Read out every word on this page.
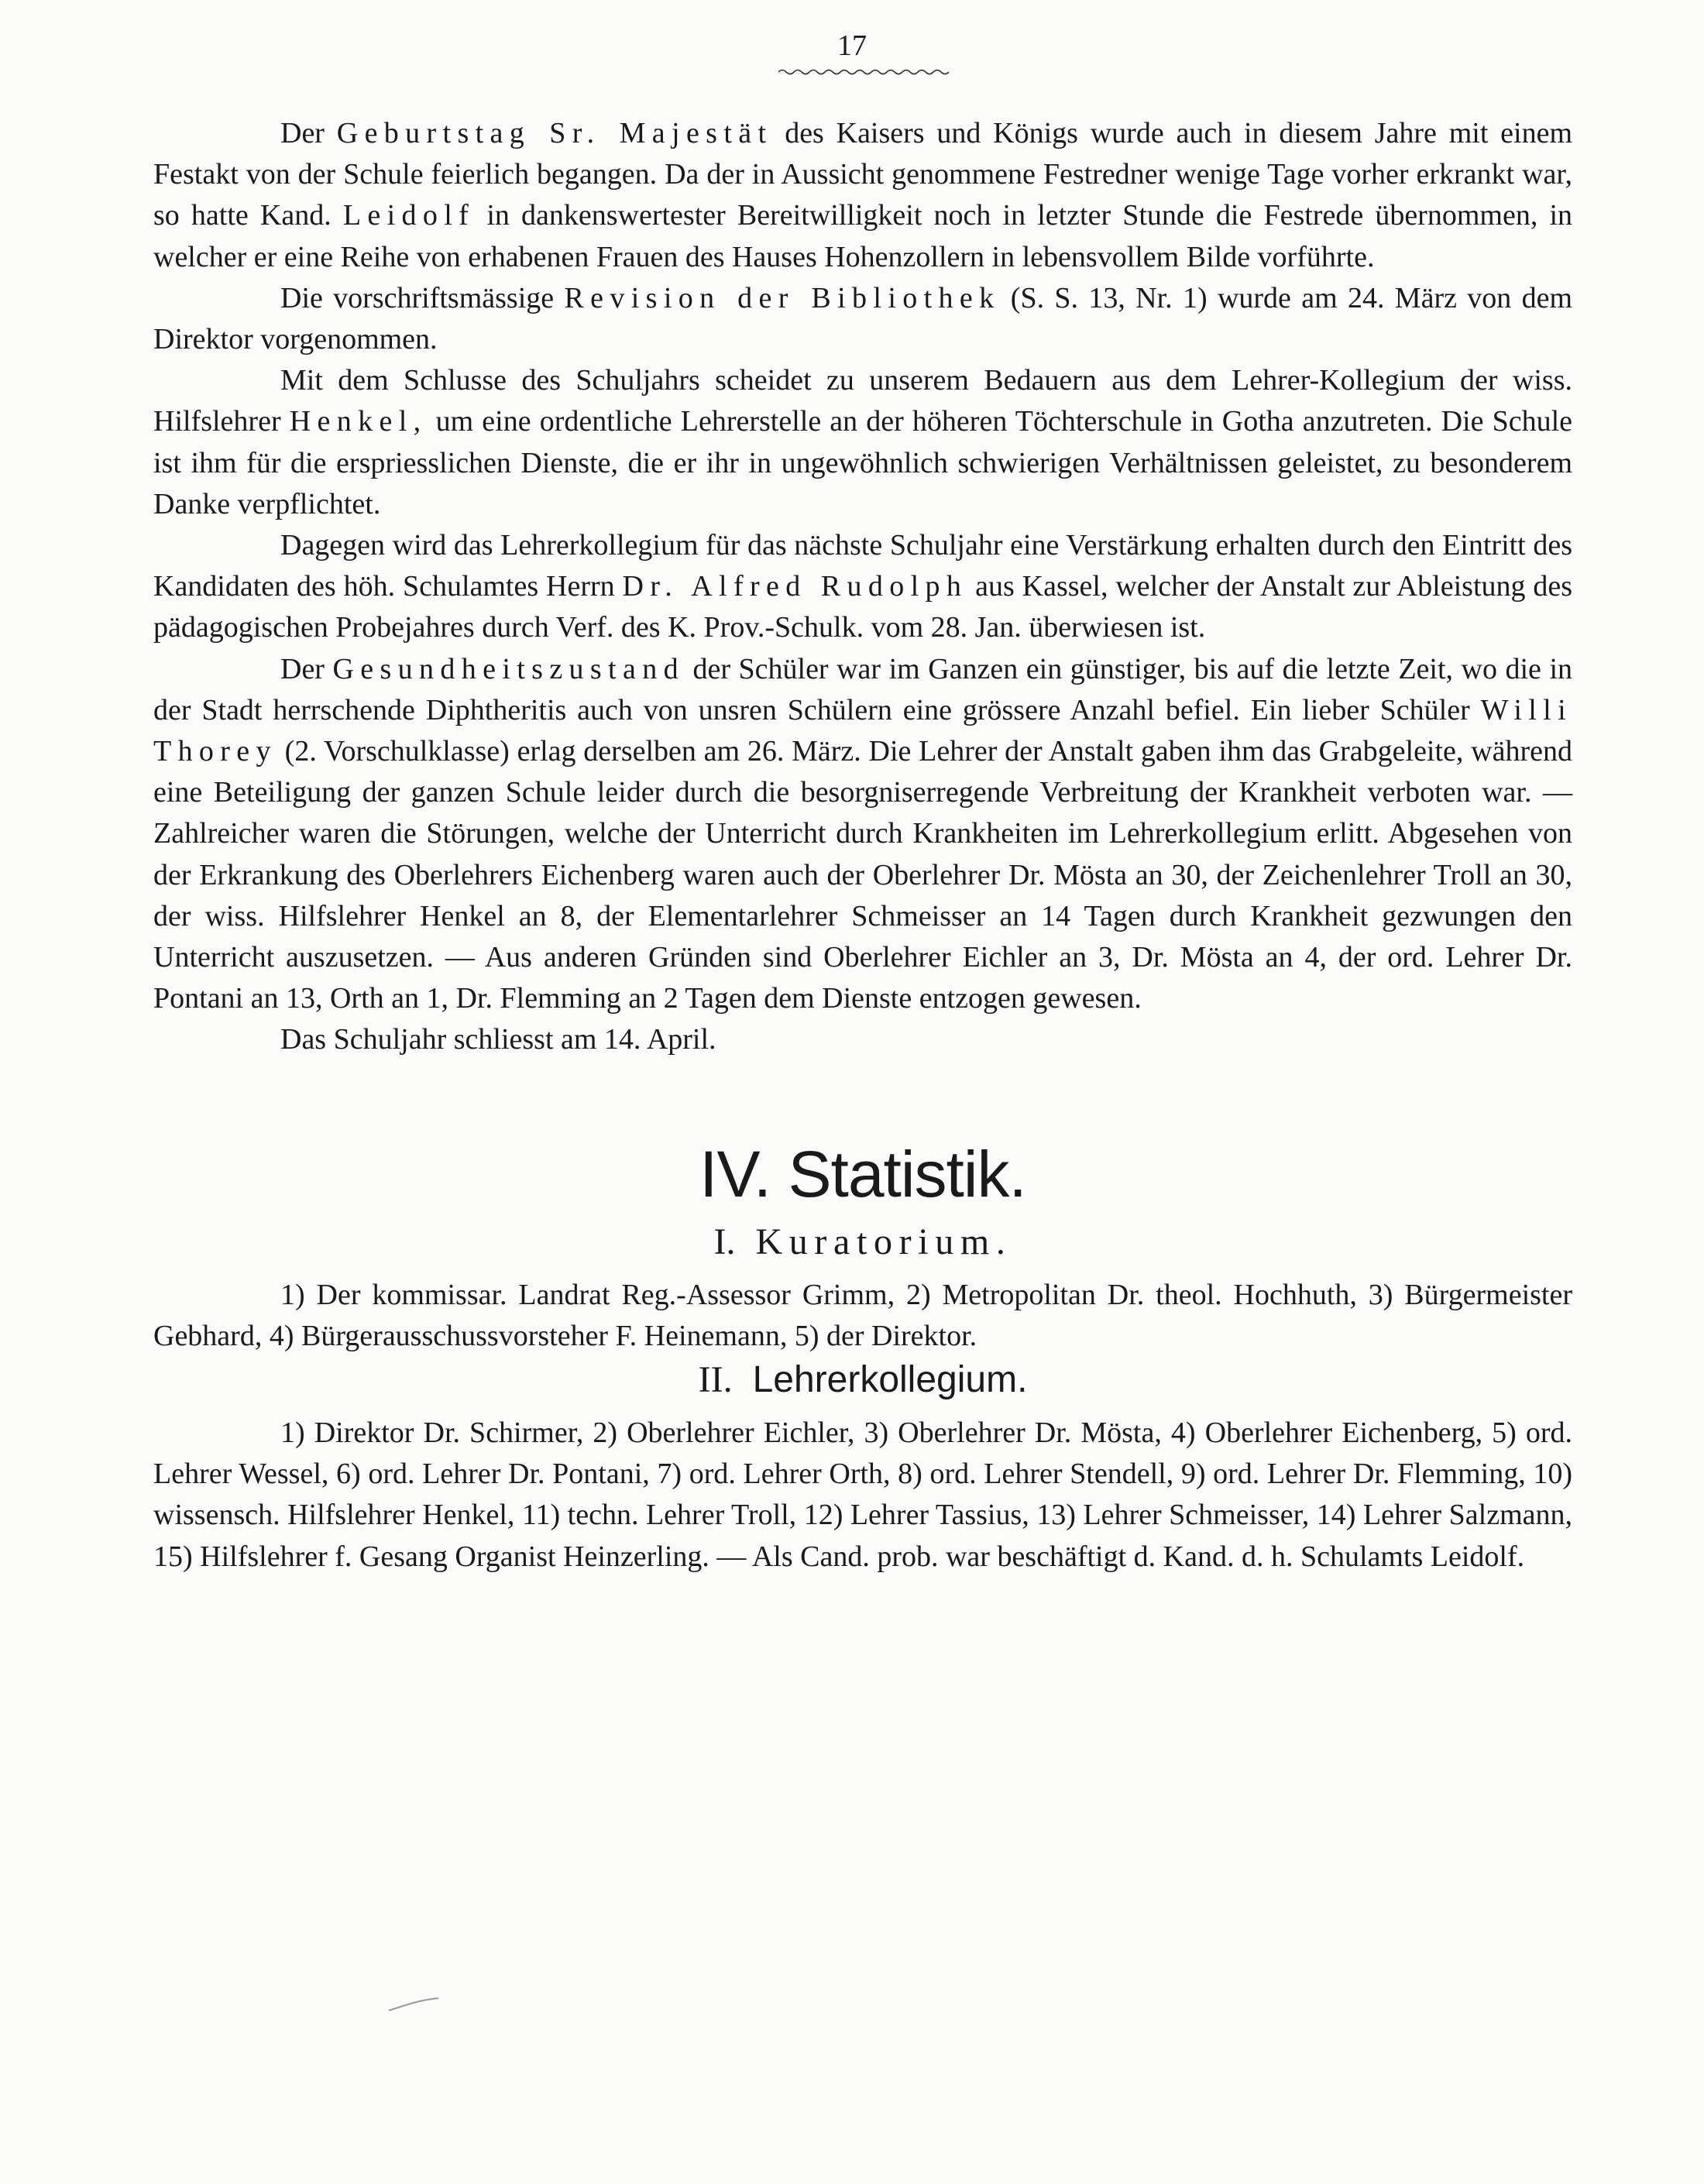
17

Der Geburtstag Sr. Majestät des Kaisers und Königs wurde auch in diesem Jahre mit einem Festakt von der Schule feierlich begangen. Da der in Aussicht genommene Festredner wenige Tage vorher erkrankt war, so hatte Kand. Leidolf in dankenswertester Bereitwilligkeit noch in letzter Stunde die Festrede übernommen, in welcher er eine Reihe von erhabenen Frauen des Hauses Hohenzollern in lebensvollem Bilde vorführte.

Die vorschriftsmässige Revision der Bibliothek (S. S. 13, Nr. 1) wurde am 24. März von dem Direktor vorgenommen.

Mit dem Schlusse des Schuljahrs scheidet zu unserem Bedauern aus dem Lehrer-Kollegium der wiss. Hilfslehrer Henkel, um eine ordentliche Lehrerstelle an der höheren Töchterschule in Gotha anzutreten. Die Schule ist ihm für die erspriesslichen Dienste, die er ihr in ungewöhnlich schwierigen Verhältnissen geleistet, zu besonderem Danke verpflichtet.

Dagegen wird das Lehrerkollegium für das nächste Schuljahr eine Verstärkung erhalten durch den Eintritt des Kandidaten des höh. Schulamtes Herrn Dr. Alfred Rudolph aus Kassel, welcher der Anstalt zur Ableistung des pädagogischen Probejahres durch Verf. des K. Prov.-Schulk. vom 28. Jan. überwiesen ist.

Der Gesundheitszustand der Schüler war im Ganzen ein günstiger, bis auf die letzte Zeit, wo die in der Stadt herrschende Diphtheritis auch von unsren Schülern eine grössere Anzahl befiel. Ein lieber Schüler Willi Thorey (2. Vorschulklasse) erlag derselben am 26. März. Die Lehrer der Anstalt gaben ihm das Grabgeleite, während eine Beteiligung der ganzen Schule leider durch die besorgniserregende Verbreitung der Krankheit verboten war. — Zahlreicher waren die Störungen, welche der Unterricht durch Krankheiten im Lehrerkollegium erlitt. Abgesehen von der Erkrankung des Oberlehrers Eichenberg waren auch der Oberlehrer Dr. Mösta an 30, der Zeichenlehrer Troll an 30, der wiss. Hilfslehrer Henkel an 8, der Elementarlehrer Schmeisser an 14 Tagen durch Krankheit gezwungen den Unterricht auszusetzen. — Aus anderen Gründen sind Oberlehrer Eichler an 3, Dr. Mösta an 4, der ord. Lehrer Dr. Pontani an 13, Orth an 1, Dr. Flemming an 2 Tagen dem Dienste entzogen gewesen.

Das Schuljahr schliesst am 14. April.

IV. Statistik.
I. Kuratorium.

1) Der kommissar. Landrat Reg.-Assessor Grimm, 2) Metropolitan Dr. theol. Hochhuth, 3) Bürgermeister Gebhard, 4) Bürgerausschussvorsteher F. Heinemann, 5) der Direktor.

II. Lehrerkollegium.

1) Direktor Dr. Schirmer, 2) Oberlehrer Eichler, 3) Oberlehrer Dr. Mösta, 4) Oberlehrer Eichenberg, 5) ord. Lehrer Wessel, 6) ord. Lehrer Dr. Pontani, 7) ord. Lehrer Orth, 8) ord. Lehrer Stendell, 9) ord. Lehrer Dr. Flemming, 10) wissensch. Hilfslehrer Henkel, 11) techn. Lehrer Troll, 12) Lehrer Tassius, 13) Lehrer Schmeisser, 14) Lehrer Salzmann, 15) Hilfslehrer f. Gesang Organist Heinzerling. — Als Cand. prob. war beschäftigt d. Kand. d. h. Schulamts Leidolf.
